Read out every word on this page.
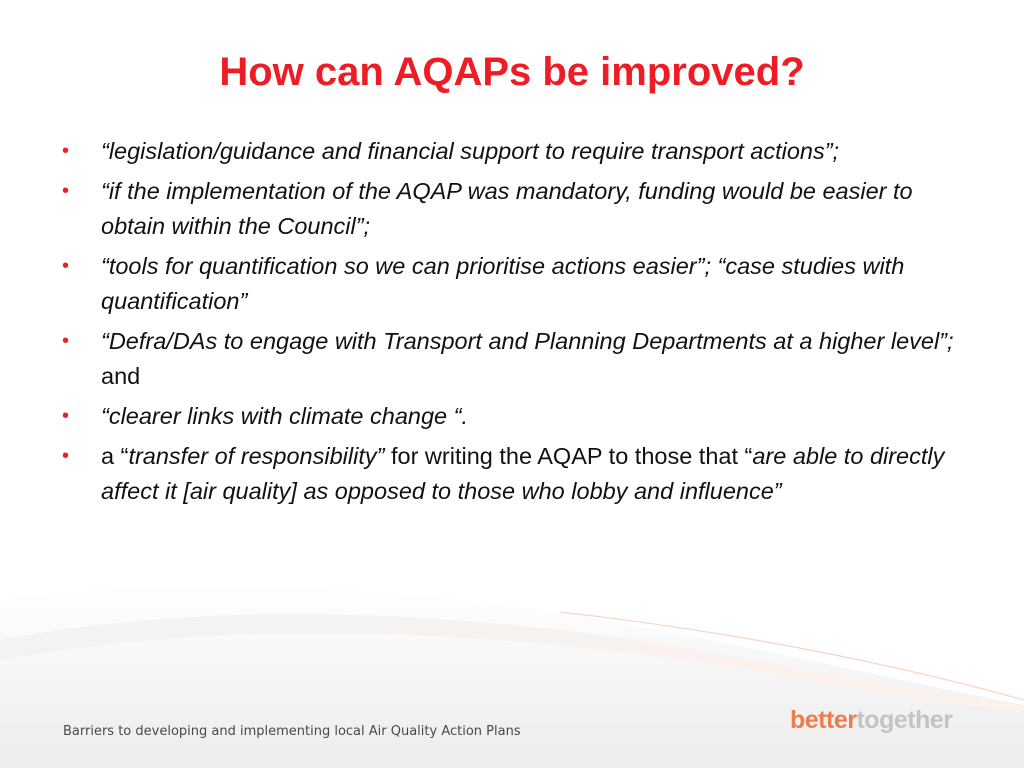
How can AQAPs be improved?
• “legislation/guidance and financial support to require transport actions”;
• “if the implementation of the AQAP was mandatory, funding would be easier to obtain within the Council”;
• “tools for quantification so we can prioritise actions easier”; “case studies with quantification”
• “Defra/DAs to engage with Transport and Planning Departments at a higher level”; and
• “clearer links with climate change “.
• a “transfer of responsibility” for writing the AQAP to those that “are able to directly affect it [air quality] as opposed to those who lobby and influence”
Barriers to developing and implementing local Air Quality Action Plans	bettertogether
